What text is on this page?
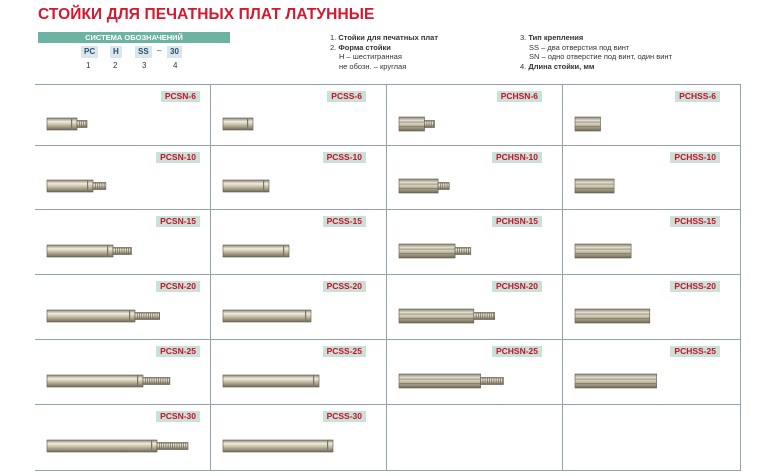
СТОЙКИ ДЛЯ ПЕЧАТНЫХ ПЛАТ ЛАТУННЫЕ
СИСТЕМА ОБОЗНАЧЕНИЙ
PC	H	SS	–	30
1	2	3	4
1. Стойки для печатных плат
2. Форма стойки
H – шестигранная
не обозн. – круглая
3. Тип крепления
SS – два отверстия под винт
SN – одно отверстие под винт, один винт
4. Длина стойки, мм
PCSN-6	PCSS-6	PCHSN-6	PCHSS-6
PCSN-10	PCSS-10	PCHSN-10	PCHSS-10
PCSN-15	PCSS-15	PCHSN-15	PCHSS-15
PCSN-20	PCSS-20	PCHSN-20	PCHSS-20
PCSN-25	PCSS-25	PCHSN-25	PCHSS-25
PCSN-30	PCSS-30
